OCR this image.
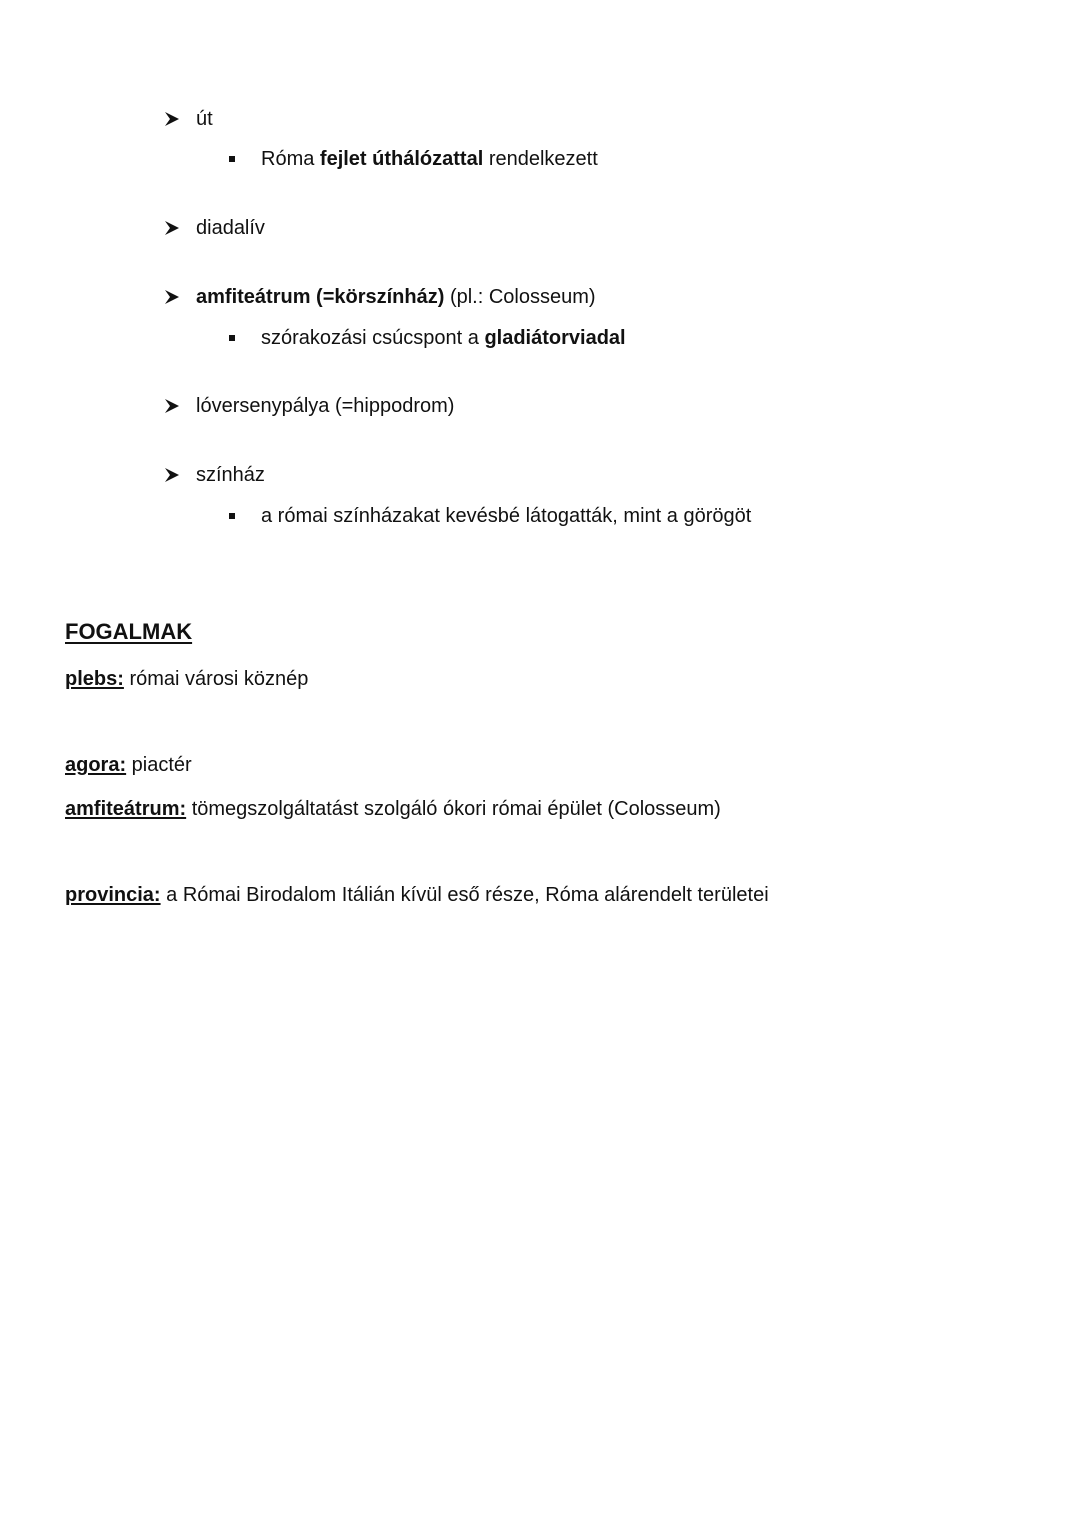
út
Róma fejlet úthálózattal rendelkezett
diadalív
amfiteátrum (=körszínház) (pl.: Colosseum)
szórakozási csúcspont a gladiátorviadal
lóversenypálya (=hippodrom)
színház
a római színházakat kevésbé látogatták, mint a görögöt
FOGALMAK
plebs: római városi köznép
agora: piactér
amfiteátrum: tömegszolgáltatást szolgáló ókori római épület (Colosseum)
provincia: a Római Birodalom Itálián kívül eső része, Róma alárendelt területei
